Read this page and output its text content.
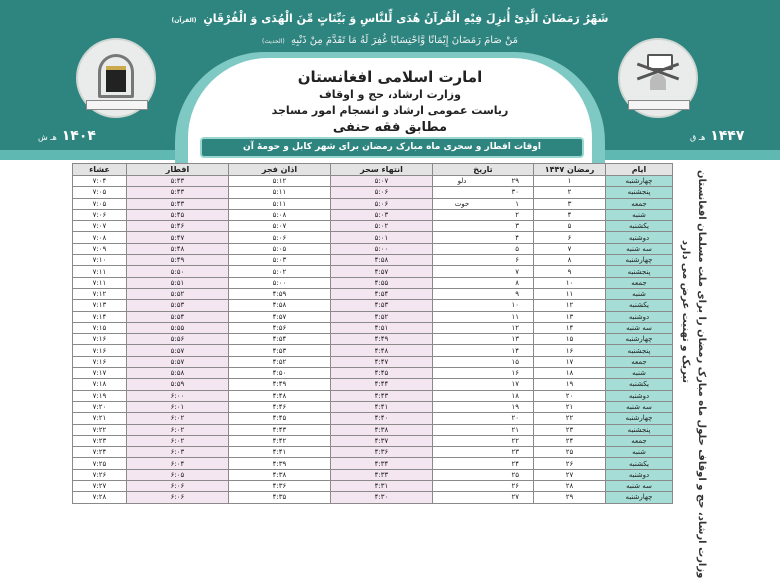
شَهْرُ رَمَضَانَ الَّذِیْ أُنزِلَ فِیْهِ الْقُرآنُ هُدَی لِّلنَّاسِ وَ بَیِّنَاتٍ مِّنَ الْهُدَی وَ الْفُرْقَانِ (القرآن)
مَنْ صَامَ رَمَضَانَ إِیْمَانًا وَّاحْتِسَابًا غُفِرَ لَهُ مَا تَقَدَّمَ مِنْ ذَنْبِهِ (الحدیث)
۱۴۰۴ هـ ش	۱۴۴۷ هـ ق
امارت اسلامی افغانستان
وزارت ارشاد، حج و اوقاف
ریاست عمومی ارشاد و انسجام امور مساجد
مطابق فقه حنفی
اوقات افطار و سحری ماه مبارک رمضان برای شهر کابل و حومهٔ آن
عشاء	افطار	اذان فجر	انتهاء سحر	تاریخ	رمضان ۱۴۴۷	ایام
۷:۰۴	۵:۴۳	۵:۱۲	۵:۰۷	دلو ۲۹	۱	چهارشنبه
۷:۰۵	۵:۴۳	۵:۱۱	۵:۰۶	۳۰	۲	پنجشنبه
۷:۰۵	۵:۴۳	۵:۱۱	۵:۰۶	حوت ۱	۳	جمعه
۷:۰۶	۵:۴۵	۵:۰۸	۵:۰۳	۲	۴	شنبه
۷:۰۷	۵:۴۶	۵:۰۷	۵:۰۲	۳	۵	یکشنبه
۷:۰۸	۵:۴۷	۵:۰۶	۵:۰۱	۴	۶	دوشنبه
۷:۰۹	۵:۴۸	۵:۰۵	۵:۰۰	۵	۷	سه شنبه
۷:۱۰	۵:۴۹	۵:۰۳	۴:۵۸	۶	۸	چهارشنبه
۷:۱۱	۵:۵۰	۵:۰۲	۴:۵۷	۷	۹	پنجشنبه
۷:۱۱	۵:۵۱	۵:۰۰	۴:۵۵	۸	۱۰	جمعه
۷:۱۲	۵:۵۲	۴:۵۹	۴:۵۴	۹	۱۱	شنبه
۷:۱۳	۵:۵۳	۴:۵۸	۴:۵۳	۱۰	۱۲	یکشنبه
۷:۱۴	۵:۵۴	۴:۵۷	۴:۵۲	۱۱	۱۳	دوشنبه
۷:۱۵	۵:۵۵	۴:۵۶	۴:۵۱	۱۲	۱۴	سه شنبه
۷:۱۶	۵:۵۶	۴:۵۴	۴:۴۹	۱۳	۱۵	چهارشنبه
۷:۱۶	۵:۵۷	۴:۵۳	۴:۴۸	۱۴	۱۶	پنجشنبه
۷:۱۶	۵:۵۷	۴:۵۲	۴:۴۷	۱۵	۱۷	جمعه
۷:۱۷	۵:۵۸	۴:۵۰	۴:۴۵	۱۶	۱۸	شنبه
۷:۱۸	۵:۵۹	۴:۴۹	۴:۴۴	۱۷	۱۹	یکشنبه
۷:۱۹	۶:۰۰	۴:۴۸	۴:۴۳	۱۸	۲۰	دوشنبه
۷:۲۰	۶:۰۱	۴:۴۶	۴:۴۱	۱۹	۲۱	سه شنبه
۷:۲۱	۶:۰۲	۴:۴۵	۴:۴۰	۲۰	۲۲	چهارشنبه
۷:۲۲	۶:۰۲	۴:۴۳	۴:۳۸	۲۱	۲۳	پنجشنبه
۷:۲۳	۶:۰۲	۴:۴۲	۴:۳۷	۲۲	۲۴	جمعه
۷:۲۴	۶:۰۳	۴:۴۱	۴:۳۶	۲۳	۲۵	شنبه
۷:۲۵	۶:۰۴	۴:۳۹	۴:۳۴	۲۴	۲۶	یکشنبه
۷:۲۶	۶:۰۵	۴:۳۸	۴:۳۳	۲۵	۲۷	دوشنبه
۷:۲۷	۶:۰۶	۴:۳۶	۴:۳۱	۲۶	۲۸	سه شنبه
۷:۲۸	۶:۰۶	۴:۳۵	۴:۳۰	۲۷	۲۹	چهارشنبه	وزارت ارشاد، حج و اوقاف حلول ماه مبارک رمضان را برای ملت مسلمان افغانستان
تبریک و تهنیت عرض می دارد
